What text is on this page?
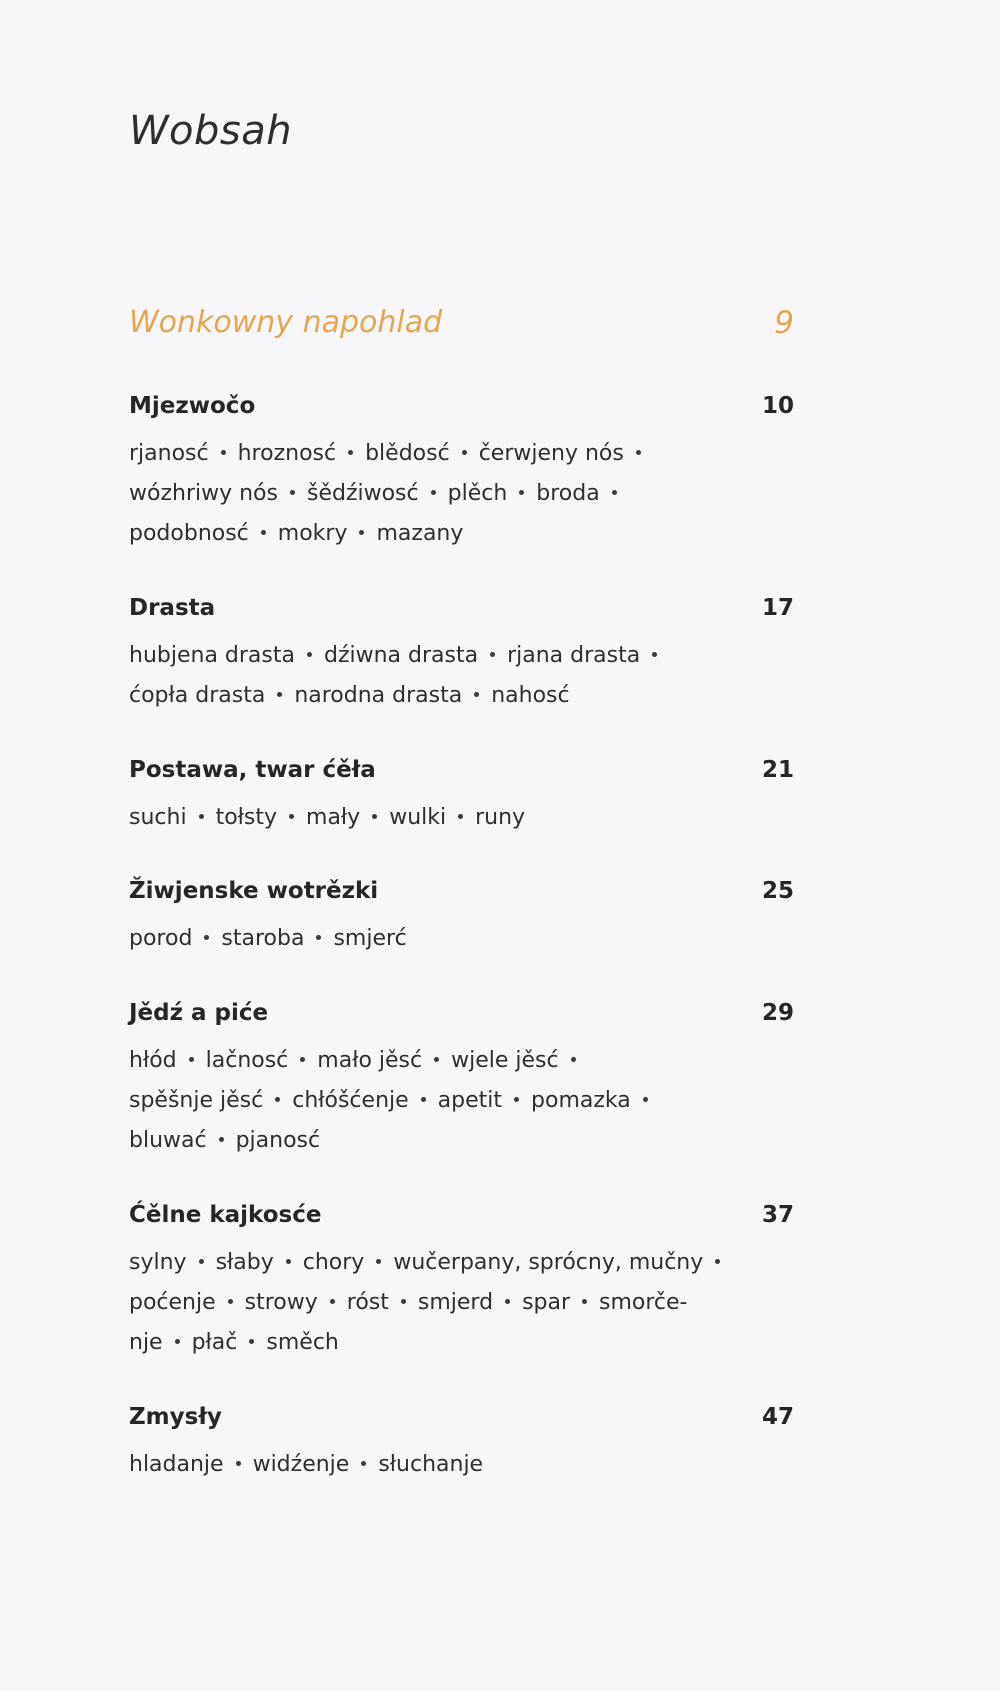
Wobsah
Wonkowny napohlad	9
Mjezwočo	10
rjanosć hroznosć blědosć čerwjeny nós
wózhriwy nós šědźiwosć plěch broda
podobnosć mokry mazany
Drasta	17
hubjena drasta dźiwna drasta rjana drasta
ćopła drasta narodna drasta nahosć
Postawa, twar ćěła	21
suchi tołsty mały wulki runy
Žiwjenske wotrězki	25
porod staroba smjerć
Jědź a piće	29
hłód lačnosć mało jěsć wjele jěsć
spěšnje jěsć chłóšćenje apetit pomazka
bluwać pjanosć
Ćělne kajkosće	37
sylny słaby chory wučerpany, sprócny, mučny
poćenje strowy róst smjerd spar smorče-
nje płač směch
Zmysły	47
hladanje widźenje słuchanje
